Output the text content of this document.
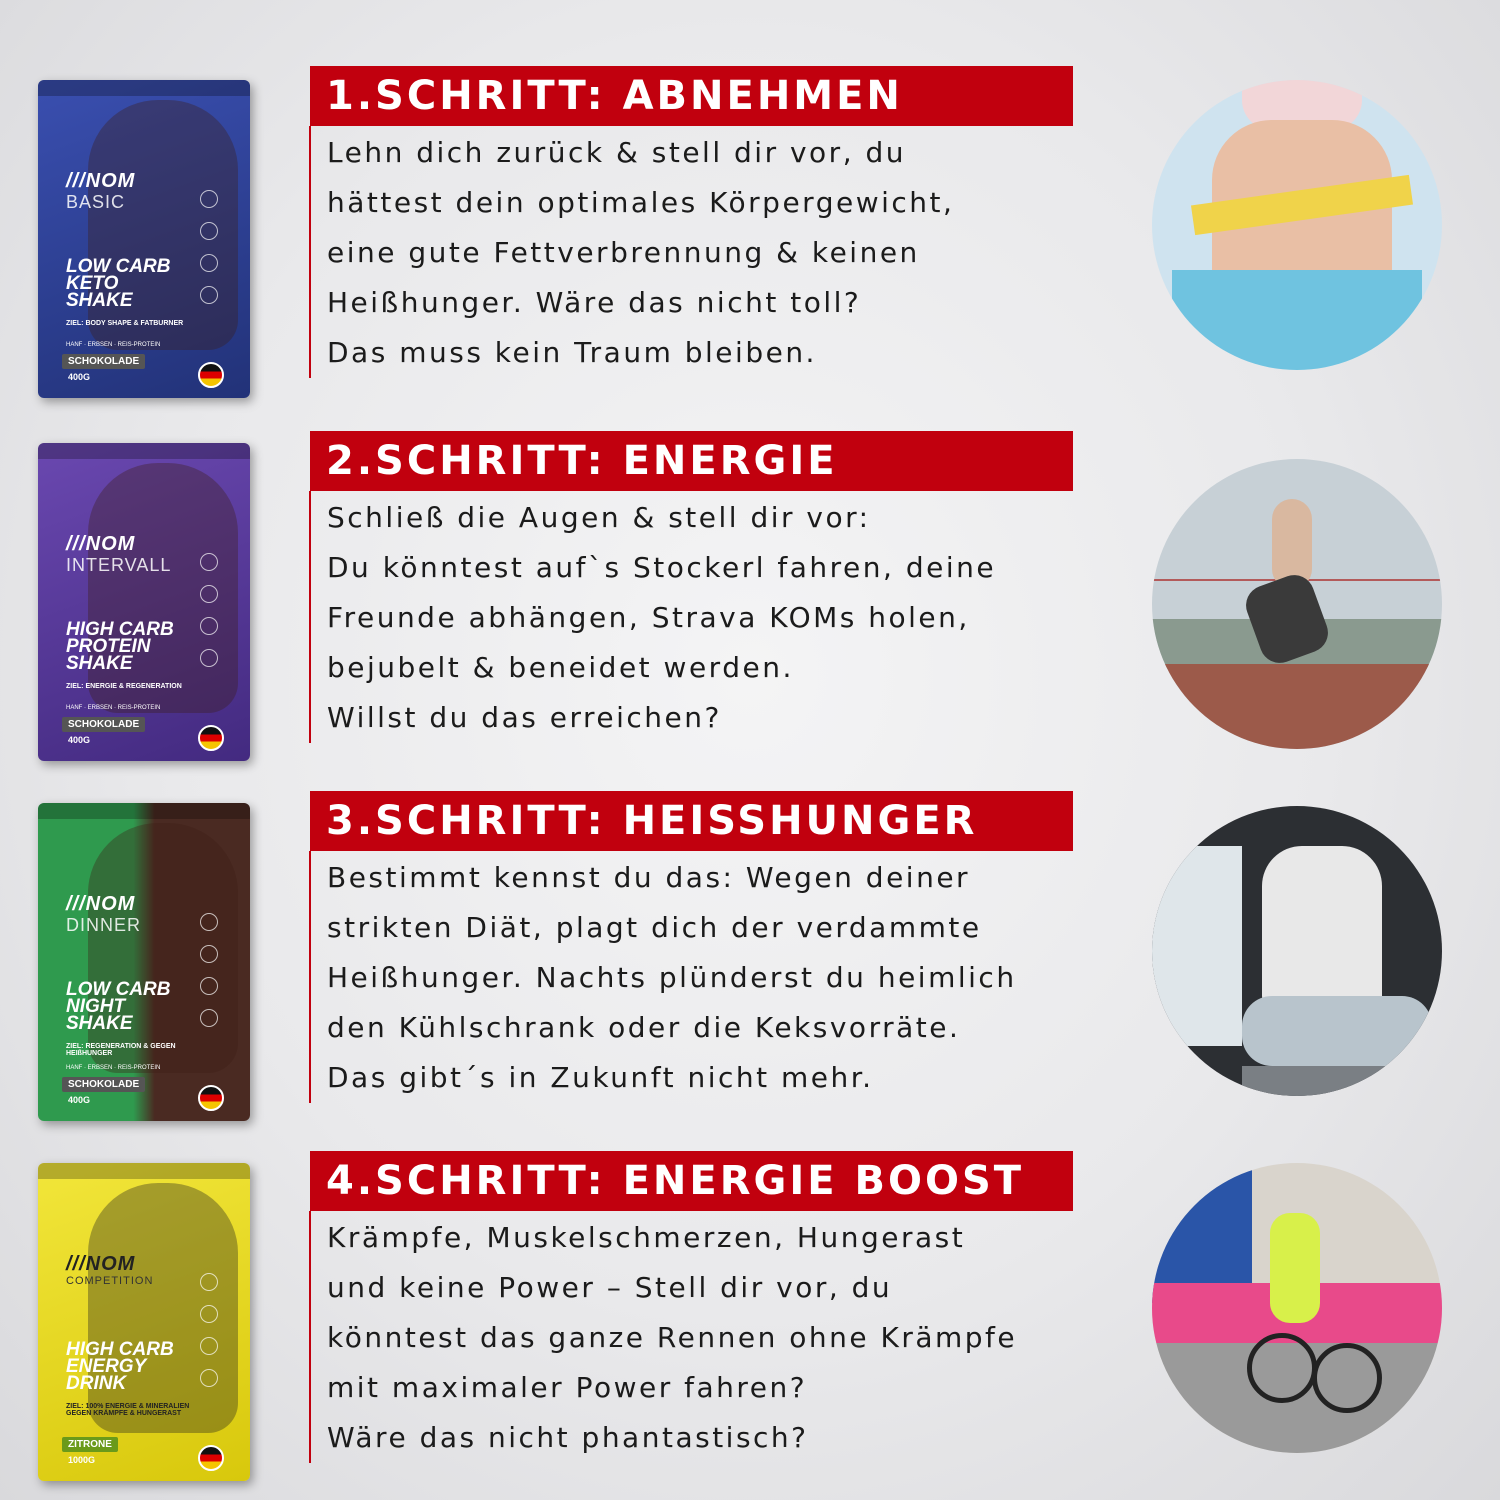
///NOM
BASIC
LOW CARB KETO SHAKE
ZIEL: BODY SHAPE & FATBURNER
HANF · ERBSEN · REIS-PROTEIN
SCHOKOLADE
400G
1.SCHRITT: ABNEHMEN
Lehn dich zurück & stell dir vor, du
hättest dein optimales Körpergewicht,
eine gute Fettverbrennung & keinen
Heißhunger. Wäre das nicht toll?
Das muss kein Traum bleiben.
///NOM
INTERVALL
HIGH CARB PROTEIN SHAKE
ZIEL: ENERGIE & REGENERATION
HANF · ERBSEN · REIS-PROTEIN
SCHOKOLADE
400G
2.SCHRITT: ENERGIE
Schließ die Augen & stell dir vor:
Du könntest auf`s Stockerl fahren, deine
Freunde abhängen, Strava KOMs holen,
bejubelt & beneidet werden.
Willst du das erreichen?
///NOM
DINNER
LOW CARB NIGHT SHAKE
ZIEL: REGENERATION & GEGEN HEIßHUNGER
HANF · ERBSEN · REIS-PROTEIN
SCHOKOLADE
400G
3.SCHRITT: HEISSHUNGER
Bestimmt kennst du das: Wegen deiner
strikten Diät, plagt dich der verdammte
Heißhunger. Nachts plünderst du heimlich
den Kühlschrank oder die Keksvorräte.
Das gibt´s in Zukunft nicht mehr.
///NOM
COMPETITION
HIGH CARB ENERGY DRINK
ZIEL: 100% ENERGIE & MINERALIEN GEGEN KRÄMPFE & HUNGERAST
ZITRONE
1000G
4.SCHRITT: ENERGIE BOOST
Krämpfe, Muskelschmerzen, Hungerast
und keine Power – Stell dir vor, du
könntest das ganze Rennen ohne Krämpfe
mit maximaler Power fahren?
Wäre das nicht phantastisch?
